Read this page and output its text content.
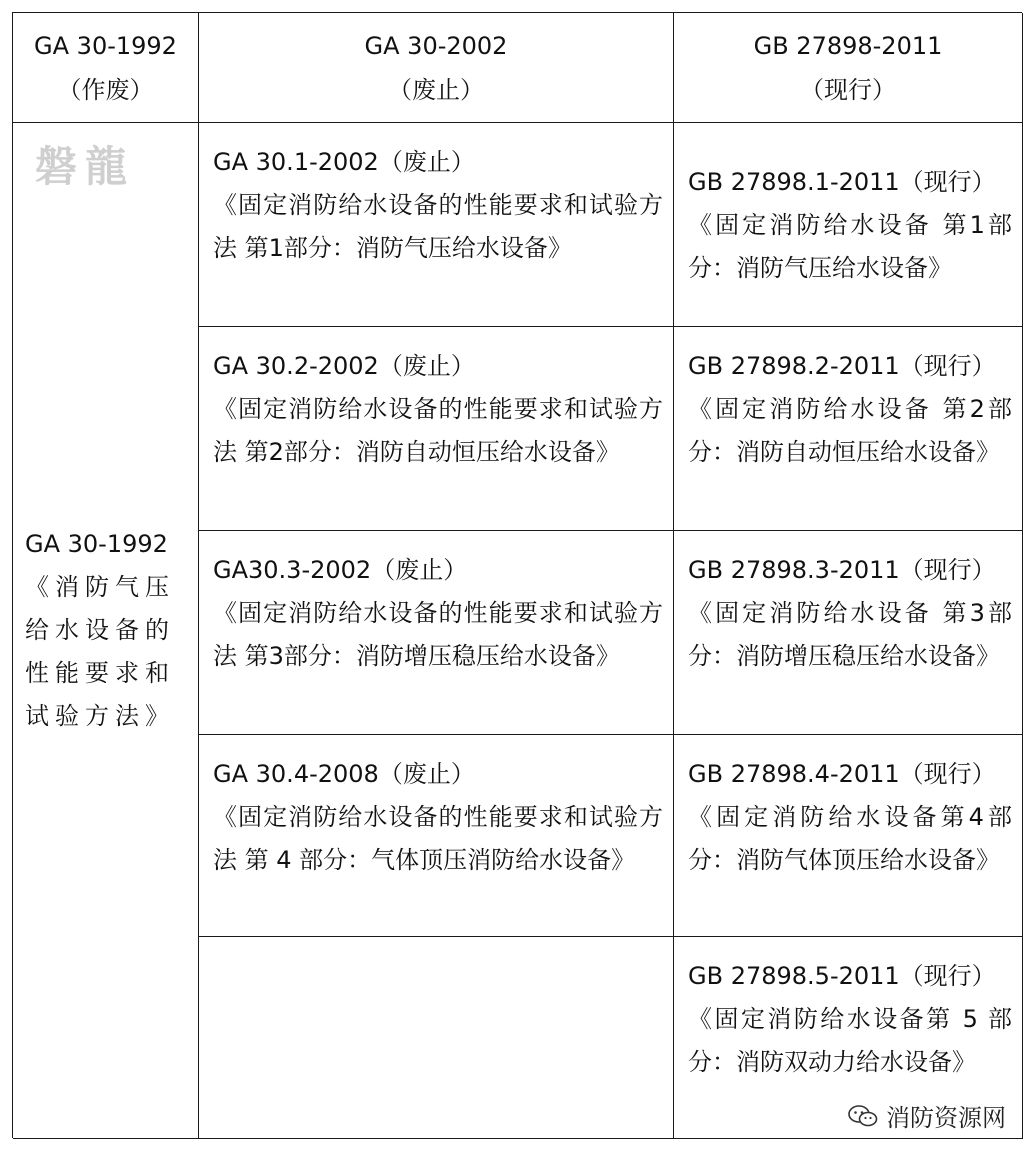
GA 30-1992
（作废）
GA 30-2002
（废止）
GB 27898-2011
（现行）
磐龍
GA 30-1992
《消防气压给水设备的性能要求和试验方法》
GA 30.1-2002（废止）
《固定消防给水设备的性能要求和试验方法 第1部分：消防气压给水设备》
GB 27898.1-2011（现行）
《固定消防给水设备 第1部分：消防气压给水设备》
GA 30.2-2002（废止）
《固定消防给水设备的性能要求和试验方法 第2部分：消防自动恒压给水设备》
GB 27898.2-2011（现行）
《固定消防给水设备 第2部分：消防自动恒压给水设备》
GA30.3-2002（废止）
《固定消防给水设备的性能要求和试验方法 第3部分：消防增压稳压给水设备》
GB 27898.3-2011（现行）
《固定消防给水设备 第3部分：消防增压稳压给水设备》
GA 30.4-2008（废止）
《固定消防给水设备的性能要求和试验方法 第 4 部分：气体顶压消防给水设备》
GB 27898.4-2011（现行）
《固定消防给水设备第4部分：消防气体顶压给水设备》
GB 27898.5-2011（现行）
《固定消防给水设备第 5 部分：消防双动力给水设备》
消防资源网
